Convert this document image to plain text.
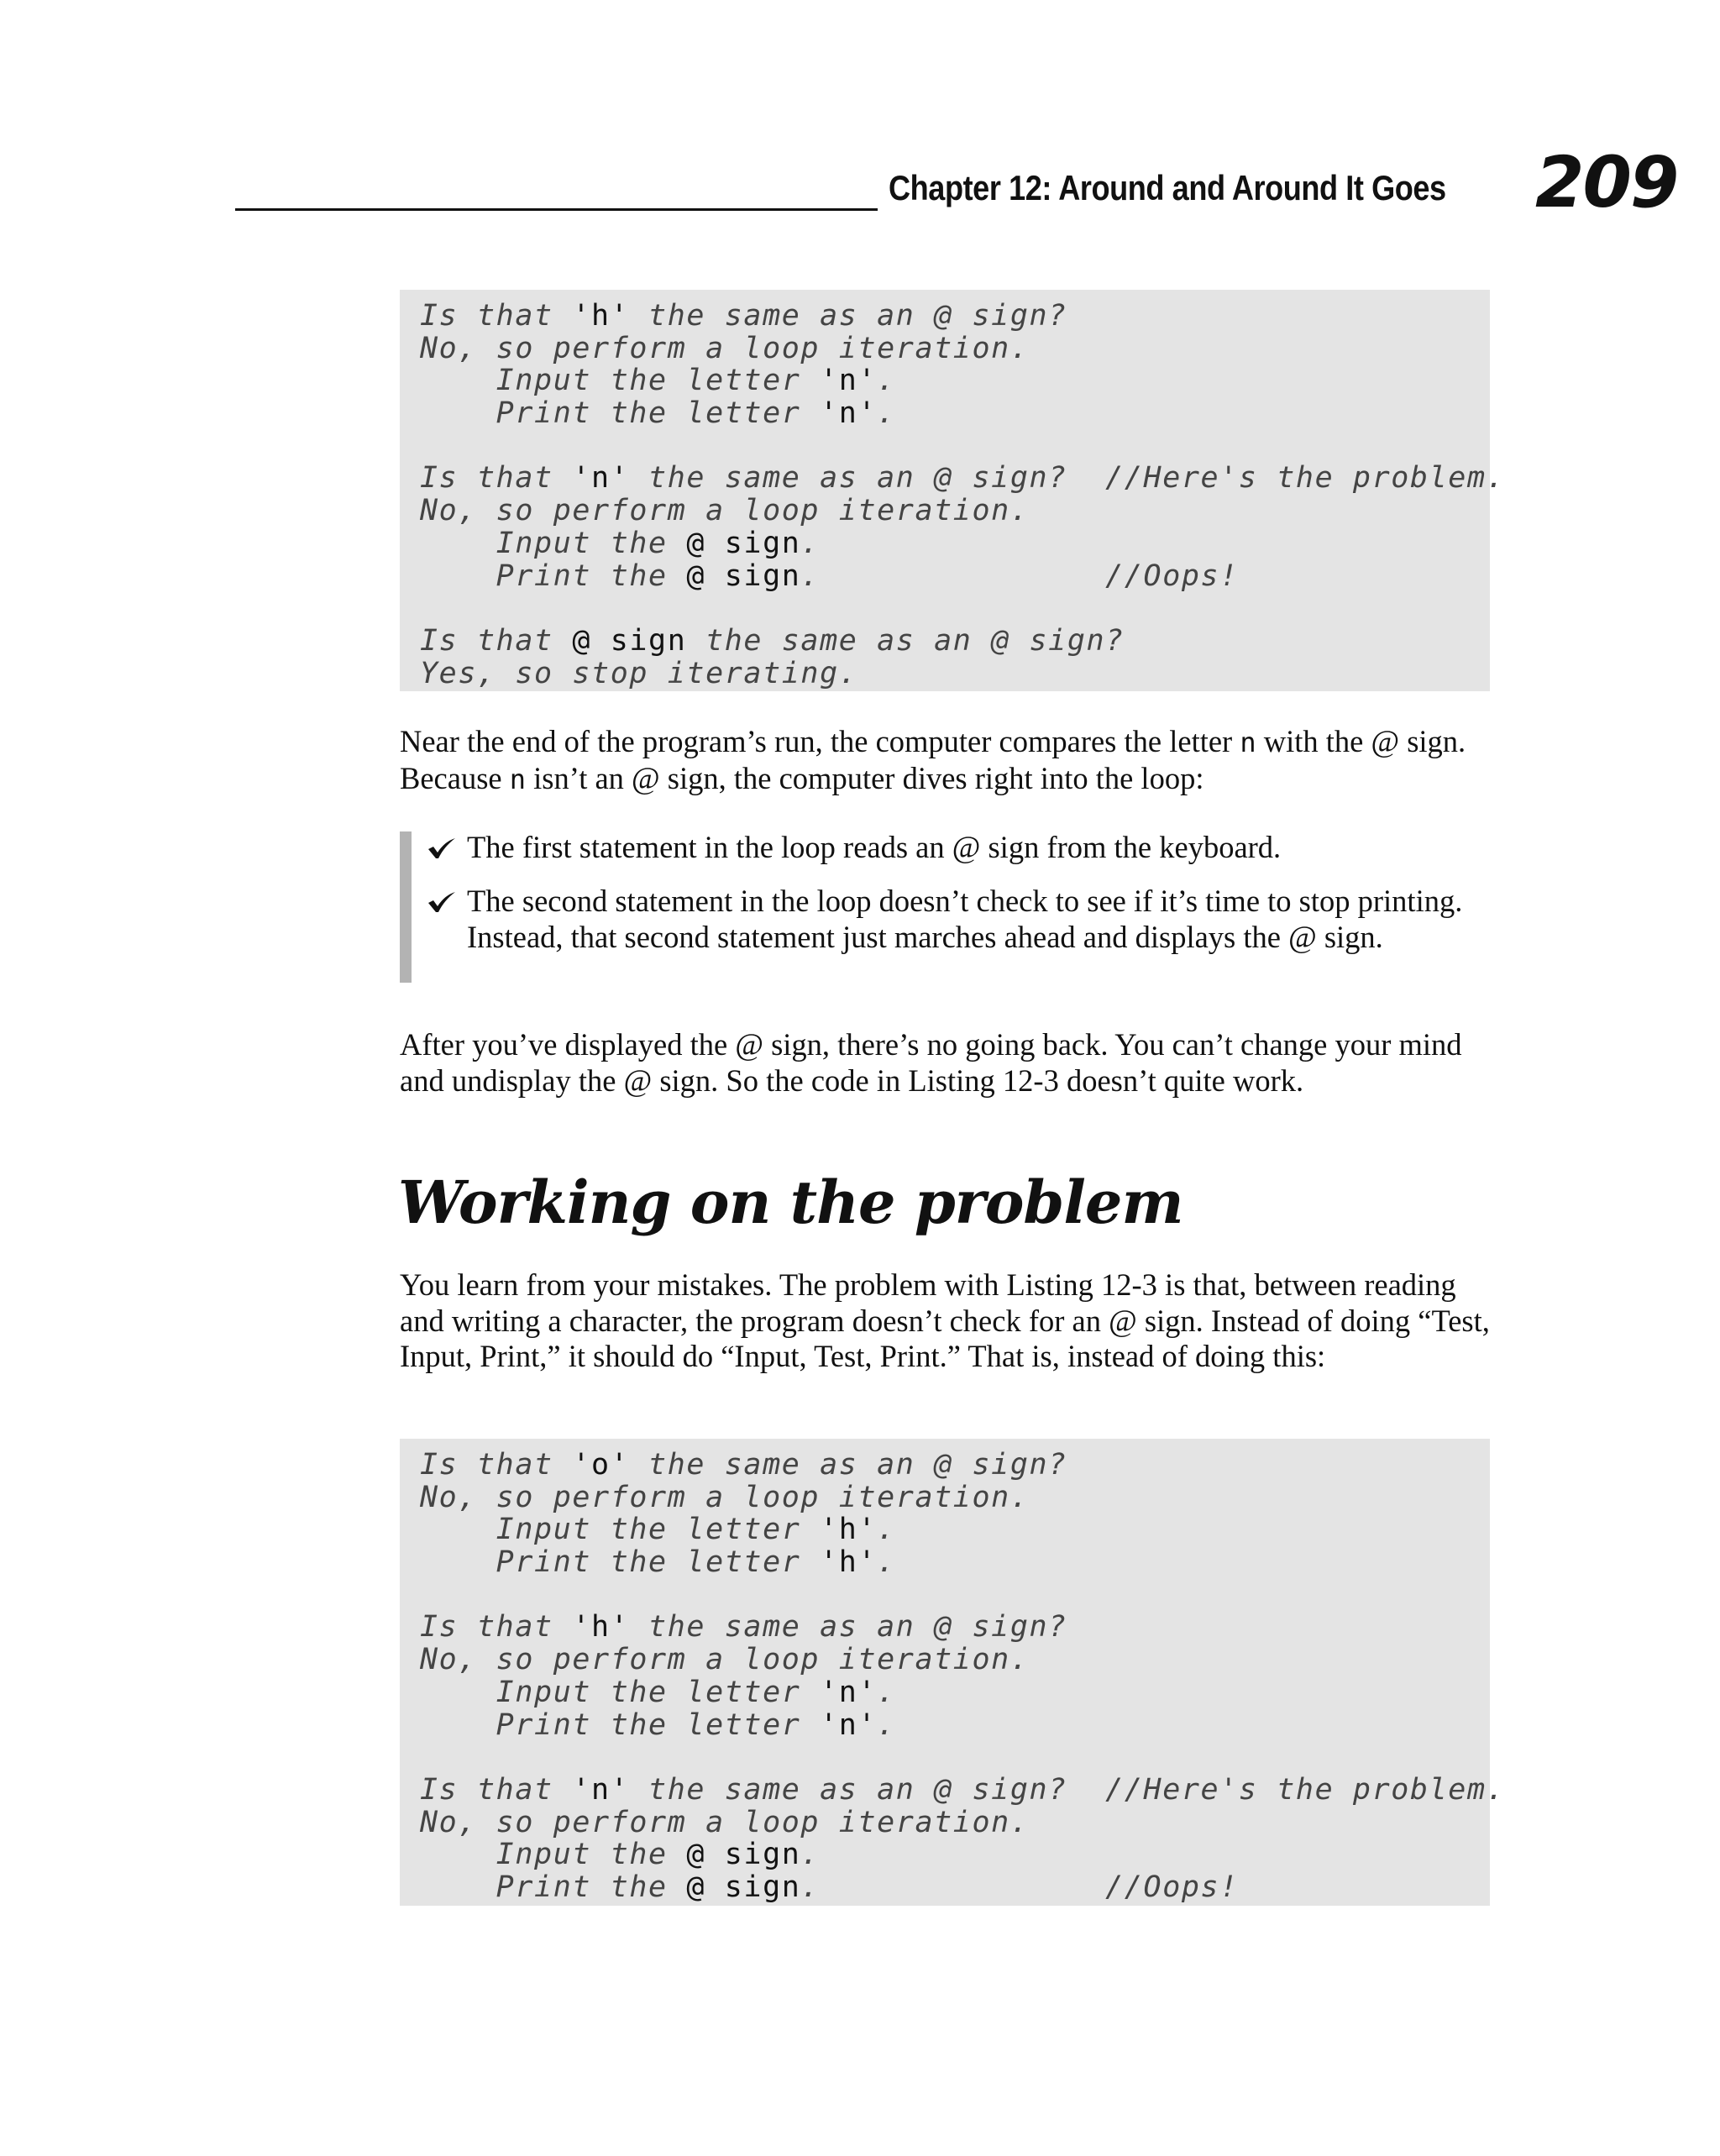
Chapter 12: Around and Around It Goes 209
Is that 'h' the same as an @ sign?
No, so perform a loop iteration.
Input the letter 'n'.
Print the letter 'n'.

Is that 'n' the same as an @ sign?  //Here's the problem.
No, so perform a loop iteration.
Input the @ sign.
Print the @ sign.               //Oops!

Is that @ sign the same as an @ sign?
Yes, so stop iterating.
Near the end of the program’s run, the computer compares the letter n with the @ sign. Because n isn’t an @ sign, the computer dives right into the loop:
The first statement in the loop reads an @ sign from the keyboard.
The second statement in the loop doesn’t check to see if it’s time to stop printing. Instead, that second statement just marches ahead and displays the @ sign.
After you’ve displayed the @ sign, there’s no going back. You can’t change your mind and undisplay the @ sign. So the code in Listing 12-3 doesn’t quite work.
Working on the problem
You learn from your mistakes. The problem with Listing 12-3 is that, between reading and writing a character, the program doesn’t check for an @ sign. Instead of doing “Test, Input, Print,” it should do “Input, Test, Print.” That is, instead of doing this:
Is that 'o' the same as an @ sign?
No, so perform a loop iteration.
Input the letter 'h'.
Print the letter 'h'.

Is that 'h' the same as an @ sign?
No, so perform a loop iteration.
Input the letter 'n'.
Print the letter 'n'.

Is that 'n' the same as an @ sign?  //Here's the problem.
No, so perform a loop iteration.
Input the @ sign.
Print the @ sign.               //Oops!
